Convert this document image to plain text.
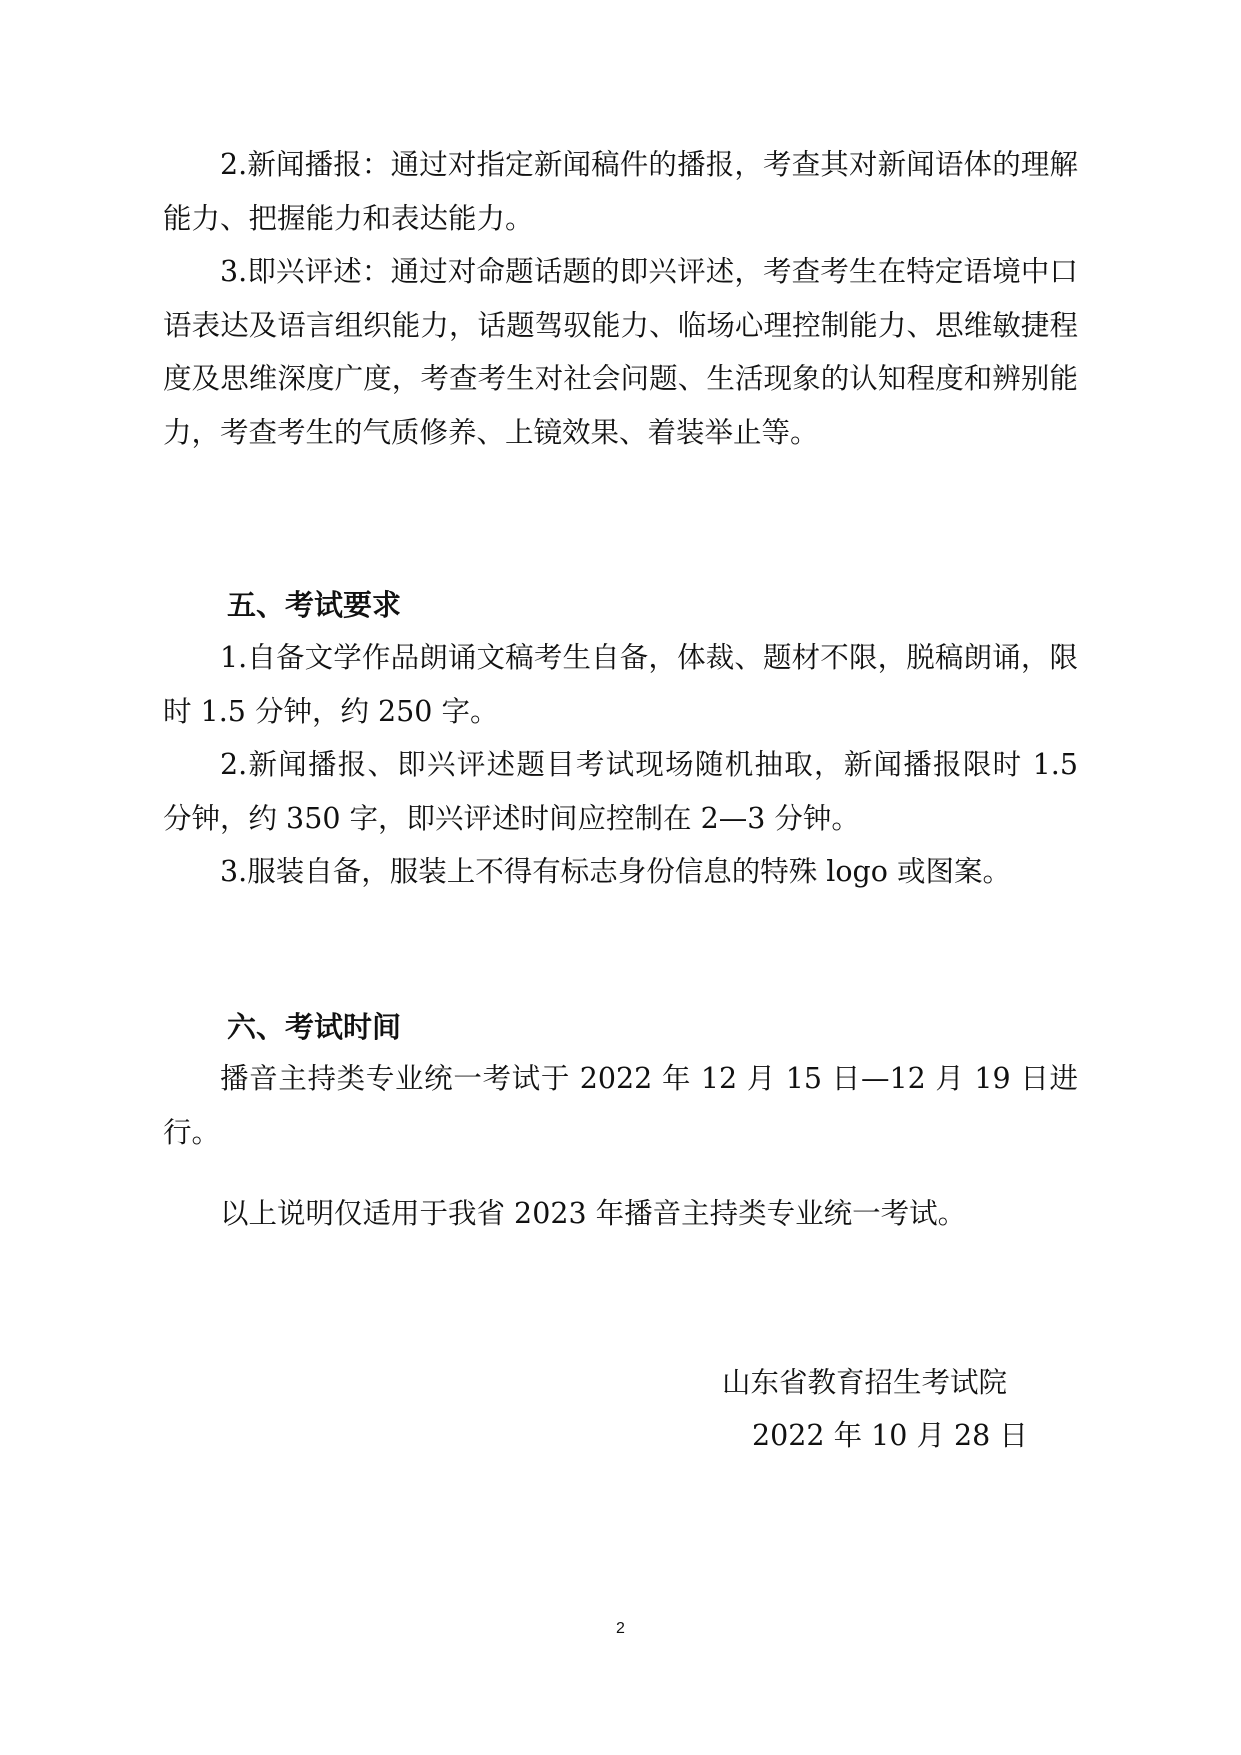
2.新闻播报：通过对指定新闻稿件的播报，考查其对新闻语体的理解能力、把握能力和表达能力。

3.即兴评述：通过对命题话题的即兴评述，考查考生在特定语境中口语表达及语言组织能力，话题驾驭能力、临场心理控制能力、思维敏捷程度及思维深度广度，考查考生对社会问题、生活现象的认知程度和辨别能力，考查考生的气质修养、上镜效果、着装举止等。

五、考试要求

1.自备文学作品朗诵文稿考生自备，体裁、题材不限，脱稿朗诵，限时 1.5 分钟，约 250 字。

2.新闻播报、即兴评述题目考试现场随机抽取，新闻播报限时 1.5 分钟，约 350 字，即兴评述时间应控制在 2—3 分钟。

3.服装自备，服装上不得有标志身份信息的特殊 logo 或图案。

六、考试时间

播音主持类专业统一考试于 2022 年 12 月 15 日—12 月 19 日进行。

以上说明仅适用于我省 2023 年播音主持类专业统一考试。

山东省教育招生考试院
2022 年 10 月 28 日
2
